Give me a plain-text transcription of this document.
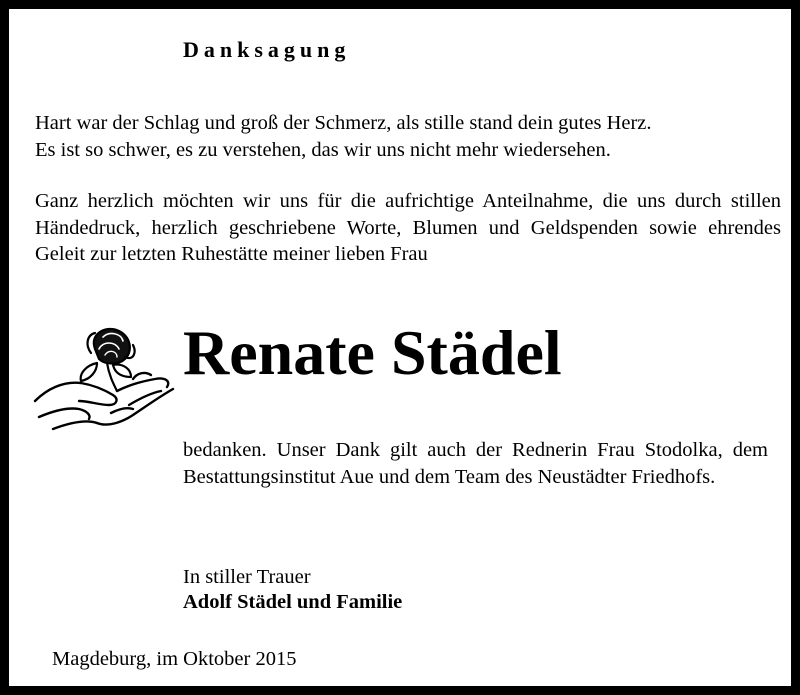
Danksagung

Hart war der Schlag und groß der Schmerz, als stille stand dein gutes Herz.
Es ist so schwer, es zu verstehen, das wir uns nicht mehr wiedersehen.

Ganz herzlich möchten wir uns für die aufrichtige Anteilnahme, die uns durch stillen Händedruck, herzlich geschriebene Worte, Blumen und Geldspenden sowie ehrendes Geleit zur letzten Ruhestätte meiner lieben Frau

Renate Städel

bedanken. Unser Dank gilt auch der Rednerin Frau Stodolka, dem Bestattungsinstitut Aue und dem Team des Neustädter Friedhofs.

In stiller Trauer

Adolf Städel und Familie

Magdeburg, im Oktober 2015
